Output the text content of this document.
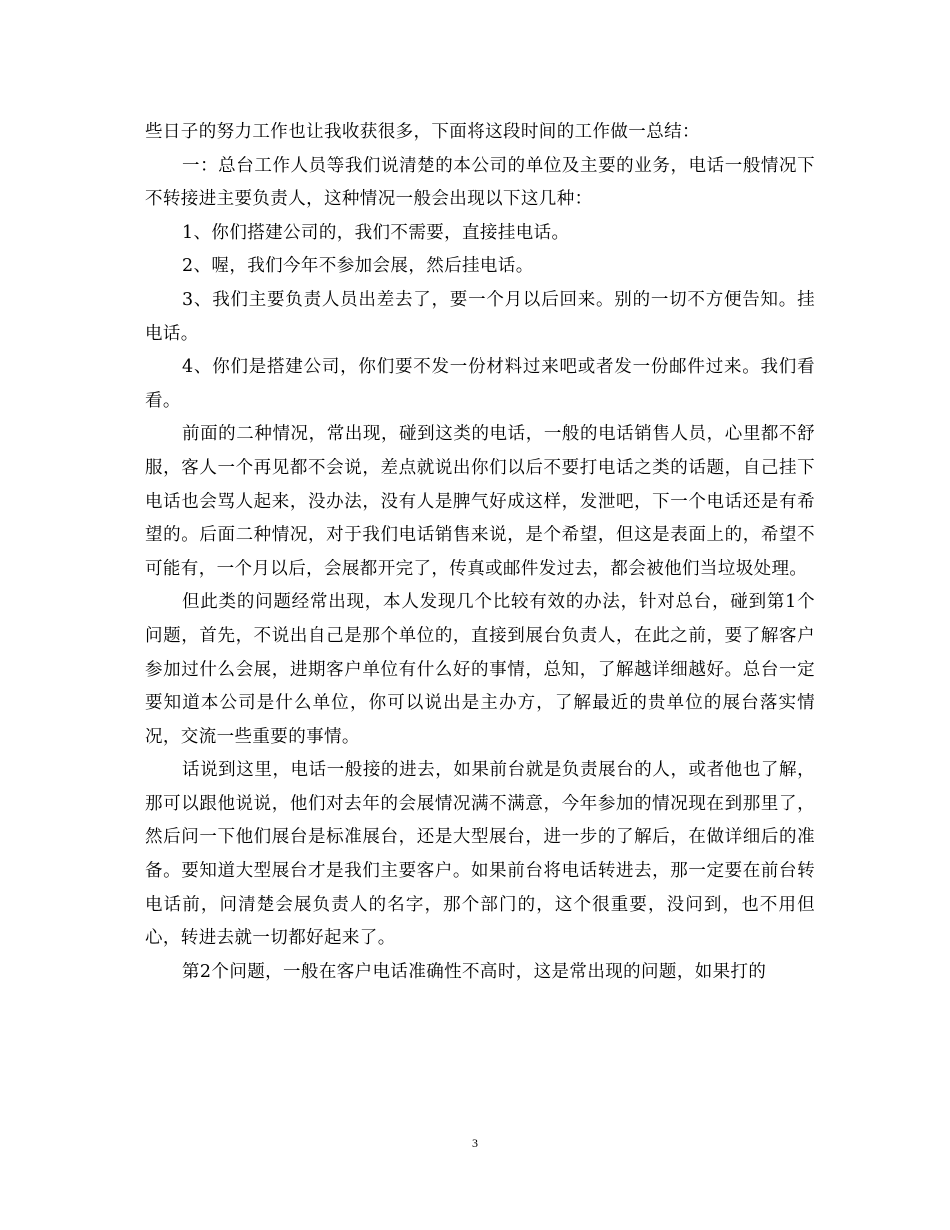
些日子的努力工作也让我收获很多，下面将这段时间的工作做一总结：

一：总台工作人员等我们说清楚的本公司的单位及主要的业务，电话一般情况下不转接进主要负责人，这种情况一般会出现以下这几种：

1、你们搭建公司的，我们不需要，直接挂电话。

2、喔，我们今年不参加会展，然后挂电话。

3、我们主要负责人员出差去了，要一个月以后回来。别的一切不方便告知。挂电话。

4、你们是搭建公司，你们要不发一份材料过来吧或者发一份邮件过来。我们看看。

前面的二种情况，常出现，碰到这类的电话，一般的电话销售人员，心里都不舒服，客人一个再见都不会说，差点就说出你们以后不要打电话之类的话题，自己挂下电话也会骂人起来，没办法，没有人是脾气好成这样，发泄吧，下一个电话还是有希望的。后面二种情况，对于我们电话销售来说，是个希望，但这是表面上的，希望不可能有，一个月以后，会展都开完了，传真或邮件发过去，都会被他们当垃圾处理。

但此类的问题经常出现，本人发现几个比较有效的办法，针对总台，碰到第1个问题，首先，不说出自己是那个单位的，直接到展台负责人，在此之前，要了解客户参加过什么会展，进期客户单位有什么好的事情，总知，了解越详细越好。总台一定要知道本公司是什么单位，你可以说出是主办方，了解最近的贵单位的展台落实情况，交流一些重要的事情。

话说到这里，电话一般接的进去，如果前台就是负责展台的人，或者他也了解，那可以跟他说说，他们对去年的会展情况满不满意，今年参加的情况现在到那里了，然后问一下他们展台是标准展台，还是大型展台，进一步的了解后，在做详细后的准备。要知道大型展台才是我们主要客户。如果前台将电话转进去，那一定要在前台转电话前，问清楚会展负责人的名字，那个部门的，这个很重要，没问到，也不用但心，转进去就一切都好起来了。

第2个问题，一般在客户电话准确性不高时，这是常出现的问题，如果打的

3
